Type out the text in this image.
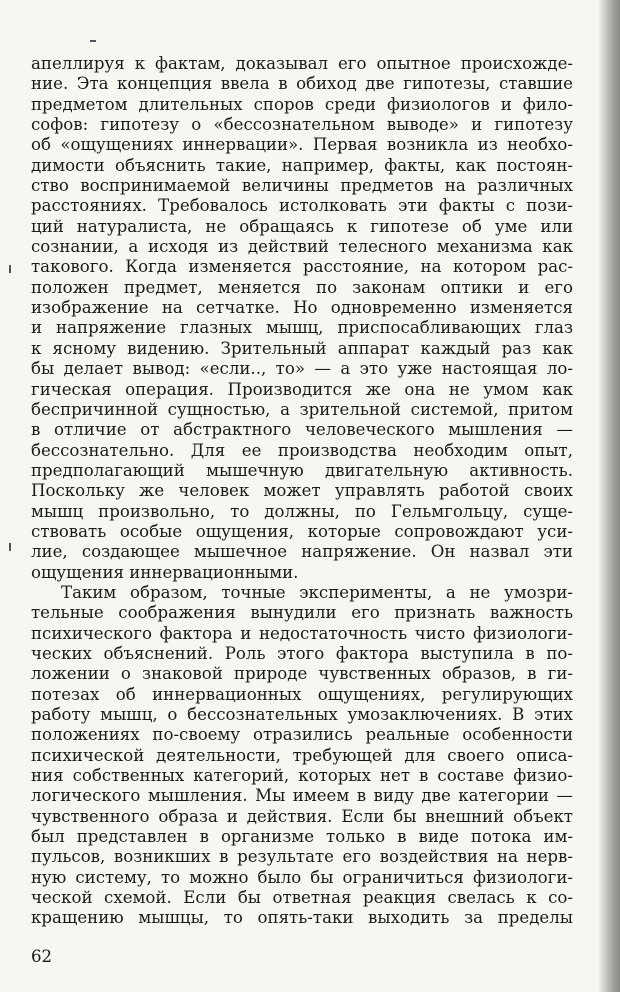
апеллируя к фактам, доказывал его опытное происхожде-
ние. Эта концепция ввела в обиход две гипотезы, ставшие
предметом длительных споров среди физиологов и фило-
софов: гипотезу о «бессознательном выводе» и гипотезу
об «ощущениях иннервации». Первая возникла из необхо-
димости объяснить такие, например, факты, как постоян-
ство воспринимаемой величины предметов на различных
расстояниях. Требовалось истолковать эти факты с пози-
ций натуралиста, не обращаясь к гипотезе об уме или
сознании, а исходя из действий телесного механизма как
такового. Когда изменяется расстояние, на котором рас-
положен предмет, меняется по законам оптики и его
изображение на сетчатке. Но одновременно изменяется
и напряжение глазных мышц, приспосабливающих глаз
к ясному видению. Зрительный аппарат каждый раз как
бы делает вывод: «если.., то» — а это уже настоящая ло-
гическая операция. Производится же она не умом как
беспричинной сущностью, а зрительной системой, притом
в отличие от абстрактного человеческого мышления —
бессознательно. Для ее производства необходим опыт,
предполагающий мышечную двигательную активность.
Поскольку же человек может управлять работой своих
мышц произвольно, то должны, по Гельмгольцу, суще-
ствовать особые ощущения, которые сопровождают уси-
лие, создающее мышечное напряжение. Он назвал эти
ощущения иннервационными.
Таким образом, точные эксперименты, а не умозри-
тельные соображения вынудили его признать важность
психического фактора и недостаточность чисто физиологи-
ческих объяснений. Роль этого фактора выступила в по-
ложении о знаковой природе чувственных образов, в ги-
потезах об иннервационных ощущениях, регулирующих
работу мышц, о бессознательных умозаключениях. В этих
положениях по-своему отразились реальные особенности
психической деятельности, требующей для своего описа-
ния собственных категорий, которых нет в составе физио-
логического мышления. Мы имеем в виду две категории —
чувственного образа и действия. Если бы внешний объект
был представлен в организме только в виде потока им-
пульсов, возникших в результате его воздействия на нерв-
ную систему, то можно было бы ограничиться физиологи-
ческой схемой. Если бы ответная реакция свелась к со-
кращению мышцы, то опять-таки выходить за пределы
62
